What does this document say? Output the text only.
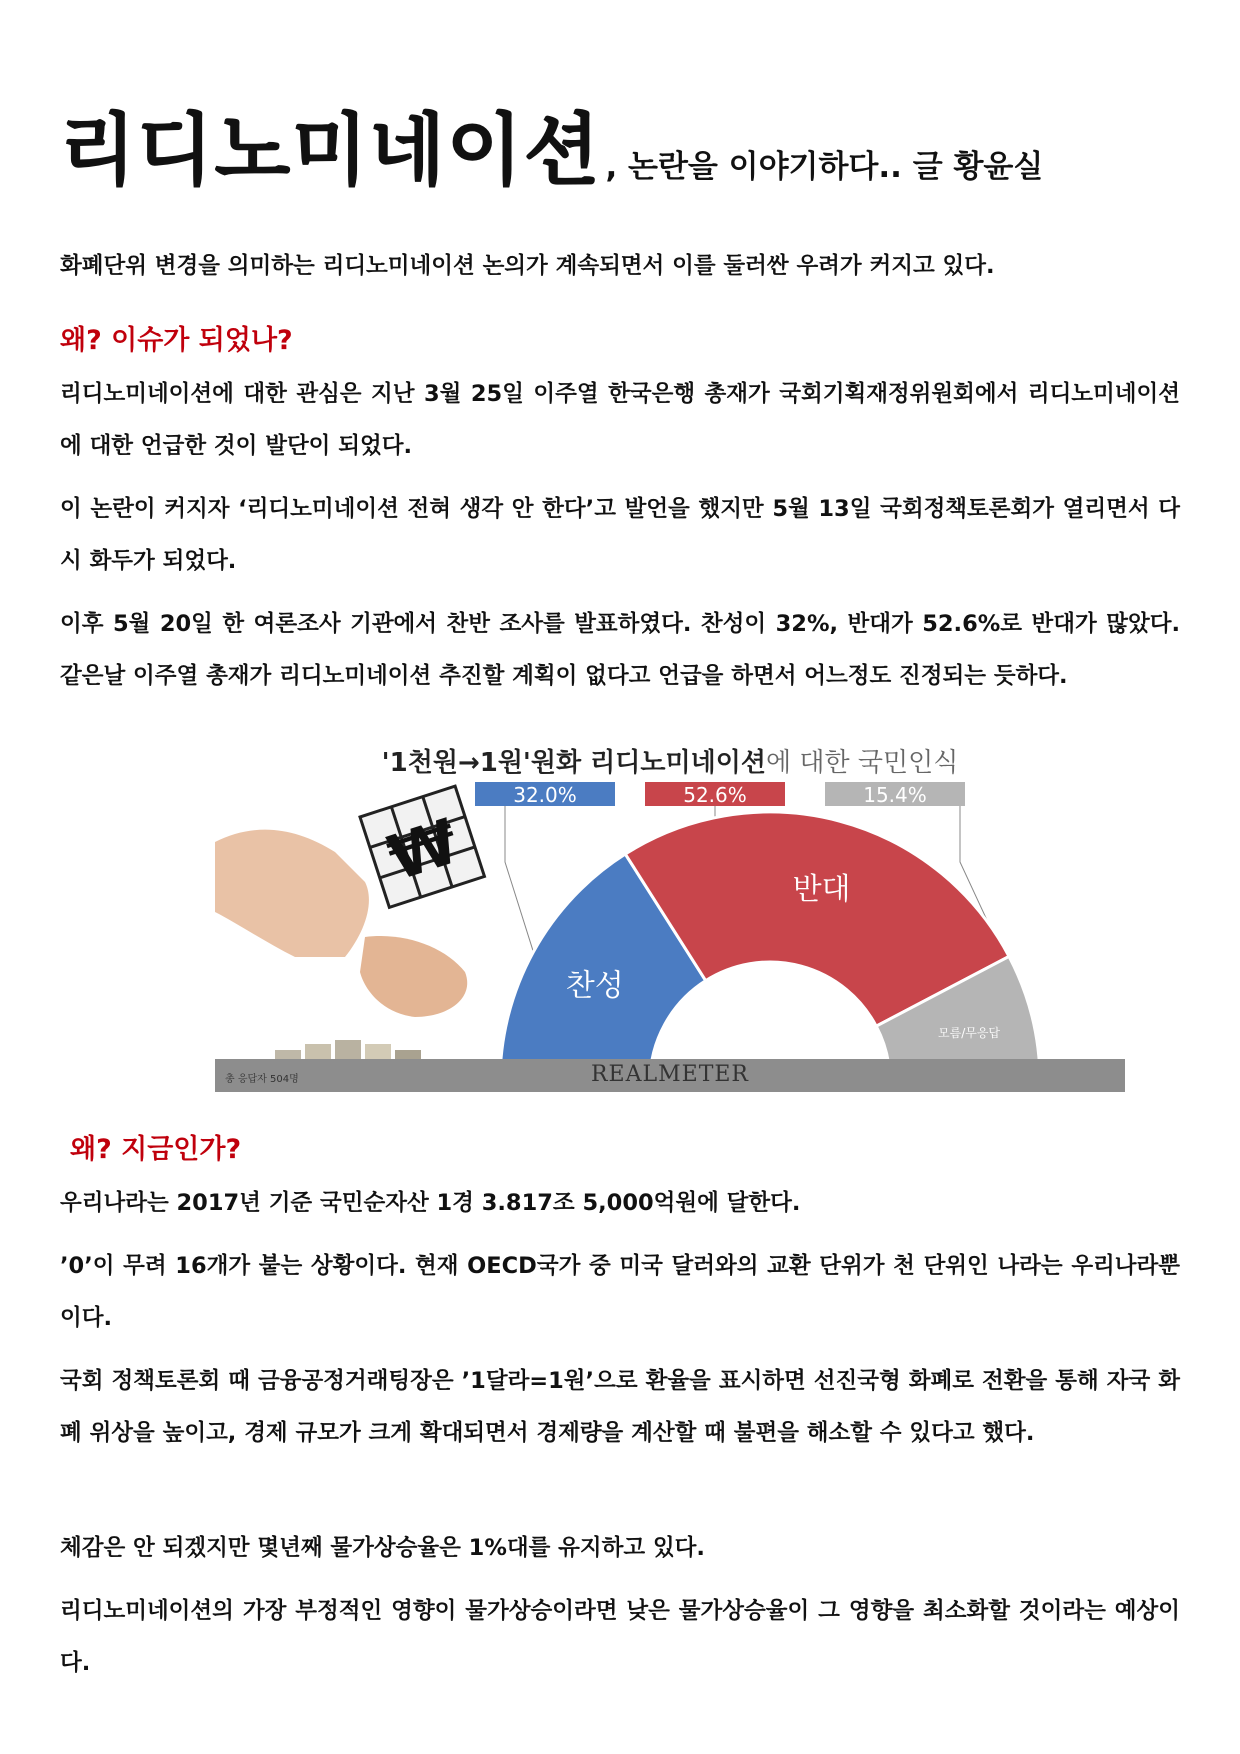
리디노미네이션 , 논란을 이야기하다.. 글 황윤실

화폐단위 변경을 의미하는 리디노미네이션 논의가 계속되면서 이를 둘러싼 우려가 커지고 있다.

왜? 이슈가 되었나?

리디노미네이션에 대한 관심은 지난 3월 25일 이주열 한국은행 총재가 국회기획재정위원회에서 리디노미네이션에 대한 언급한 것이 발단이 되었다.

이 논란이 커지자 ‘리디노미네이션 전혀 생각 안 한다’고 발언을 했지만 5월 13일 국회정책토론회가 열리면서 다시 화두가 되었다.

이후 5월 20일 한 여론조사 기관에서 찬반 조사를 발표하였다. 찬성이 32%, 반대가 52.6%로 반대가 많았다. 같은날 이주열 총재가 리디노미네이션 추진할 계획이 없다고 언급을 하면서 어느정도 진정되는 듯하다.

'1천원→1원'원화 리디노미네이션에 대한 국민인식
₩
32.0%	52.6%	15.4%
찬성
반대
모름/무응답
총 응답자 504명	REALMETER
왜? 지금인가?

우리나라는 2017년 기준 국민순자산 1경 3.817조 5,000억원에 달한다.

’0’이 무려 16개가 붙는 상황이다. 현재 OECD국가 중 미국 달러와의 교환 단위가 천 단위인 나라는 우리나라뿐이다.

국회 정책토론회 때 금융공정거래팅장은 ’1달라=1원’으로 환율을 표시하면 선진국형 화폐로 전환을 통해 자국 화폐 위상을 높이고, 경제 규모가 크게 확대되면서 경제량을 계산할 때 불편을 해소할 수 있다고 했다.

체감은 안 되겠지만 몇년째 물가상승율은 1%대를 유지하고 있다.

리디노미네이션의 가장 부정적인 영향이 물가상승이라면 낮은 물가상승율이 그 영향을 최소화할 것이라는 예상이다.
